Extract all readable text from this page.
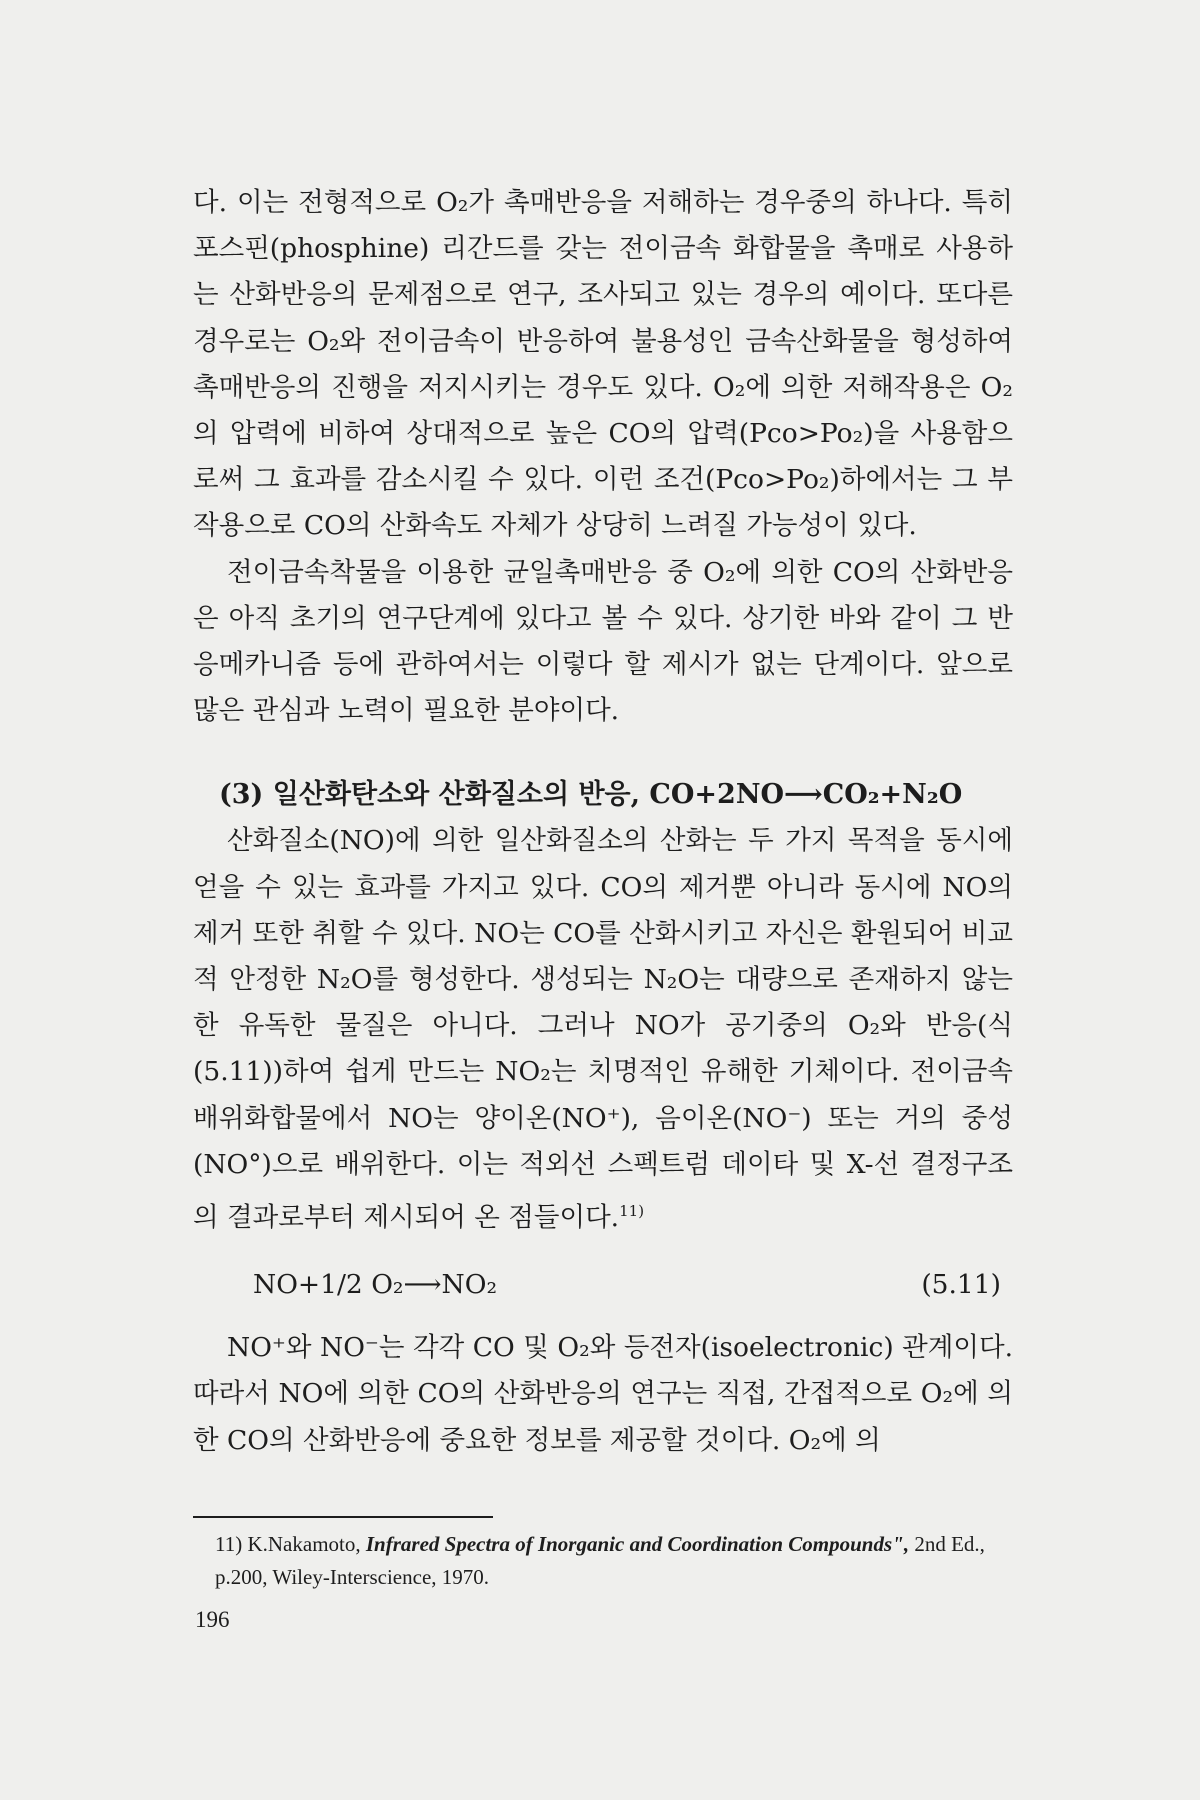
다. 이는 전형적으로 O₂가 촉매반응을 저해하는 경우중의 하나다. 특히 포스핀(phosphine) 리간드를 갖는 전이금속 화합물을 촉매로 사용하는 산화반응의 문제점으로 연구, 조사되고 있는 경우의 예이다. 또다른 경우로는 O₂와 전이금속이 반응하여 불용성인 금속산화물을 형성하여 촉매반응의 진행을 저지시키는 경우도 있다. O₂에 의한 저해작용은 O₂의 압력에 비하여 상대적으로 높은 CO의 압력(Pco>Po₂)을 사용함으로써 그 효과를 감소시킬 수 있다. 이런 조건(Pco>Po₂)하에서는 그 부작용으로 CO의 산화속도 자체가 상당히 느려질 가능성이 있다.

전이금속착물을 이용한 균일촉매반응 중 O₂에 의한 CO의 산화반응은 아직 초기의 연구단계에 있다고 볼 수 있다. 상기한 바와 같이 그 반응메카니즘 등에 관하여서는 이렇다 할 제시가 없는 단계이다. 앞으로 많은 관심과 노력이 필요한 분야이다.

(3) 일산화탄소와 산화질소의 반응, CO+2NO⟶CO₂+N₂O

산화질소(NO)에 의한 일산화질소의 산화는 두 가지 목적을 동시에 얻을 수 있는 효과를 가지고 있다. CO의 제거뿐 아니라 동시에 NO의 제거 또한 취할 수 있다. NO는 CO를 산화시키고 자신은 환원되어 비교적 안정한 N₂O를 형성한다. 생성되는 N₂O는 대량으로 존재하지 않는 한 유독한 물질은 아니다. 그러나 NO가 공기중의 O₂와 반응(식 (5.11))하여 쉽게 만드는 NO₂는 치명적인 유해한 기체이다. 전이금속 배위화합물에서 NO는 양이온(NO⁺), 음이온(NO⁻) 또는 거의 중성(NO°)으로 배위한다. 이는 적외선 스펙트럼 데이타 및 X-선 결정구조의 결과로부터 제시되어 온 점들이다.$^{11)}$

NO+1/2 O₂⟶NO₂	(5.11)

NO⁺와 NO⁻는 각각 CO 및 O₂와 등전자(isoelectronic) 관계이다. 따라서 NO에 의한 CO의 산화반응의 연구는 직접, 간접적으로 O₂에 의한 CO의 산화반응에 중요한 정보를 제공할 것이다. O₂에 의

11) K.Nakamoto, Infrared Spectra of Inorganic and Coordination Compounds", 2nd Ed., p.200, Wiley-Interscience, 1970.

196
